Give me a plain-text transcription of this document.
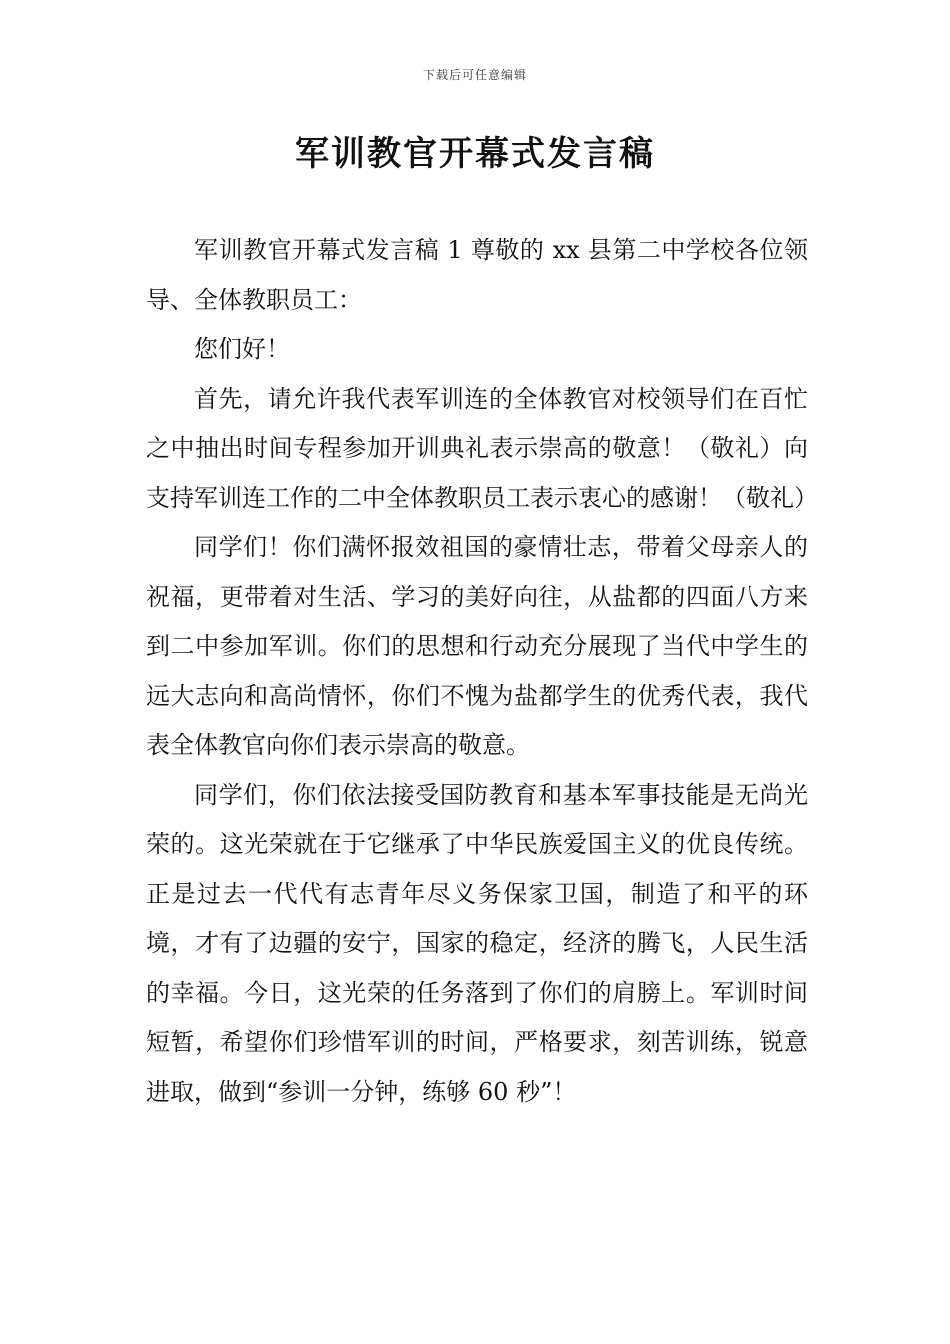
下载后可任意编辑
军训教官开幕式发言稿

军训教官开幕式发言稿 1 尊敬的 xx 县第二中学校各位领导、全体教职员工：

您们好！

首先，请允许我代表军训连的全体教官对校领导们在百忙之中抽出时间专程参加开训典礼表示崇高的敬意！（敬礼）向支持军训连工作的二中全体教职员工表示衷心的感谢！（敬礼）

同学们！你们满怀报效祖国的豪情壮志，带着父母亲人的祝福，更带着对生活、学习的美好向往，从盐都的四面八方来到二中参加军训。你们的思想和行动充分展现了当代中学生的远大志向和高尚情怀，你们不愧为盐都学生的优秀代表，我代表全体教官向你们表示崇高的敬意。

同学们，你们依法接受国防教育和基本军事技能是无尚光荣的。这光荣就在于它继承了中华民族爱国主义的优良传统。正是过去一代代有志青年尽义务保家卫国，制造了和平的环境，才有了边疆的安宁，国家的稳定，经济的腾飞，人民生活的幸福。今日，这光荣的任务落到了你们的肩膀上。军训时间短暂，希望你们珍惜军训的时间，严格要求，刻苦训练，锐意进取，做到“参训一分钟，练够 60 秒”！
